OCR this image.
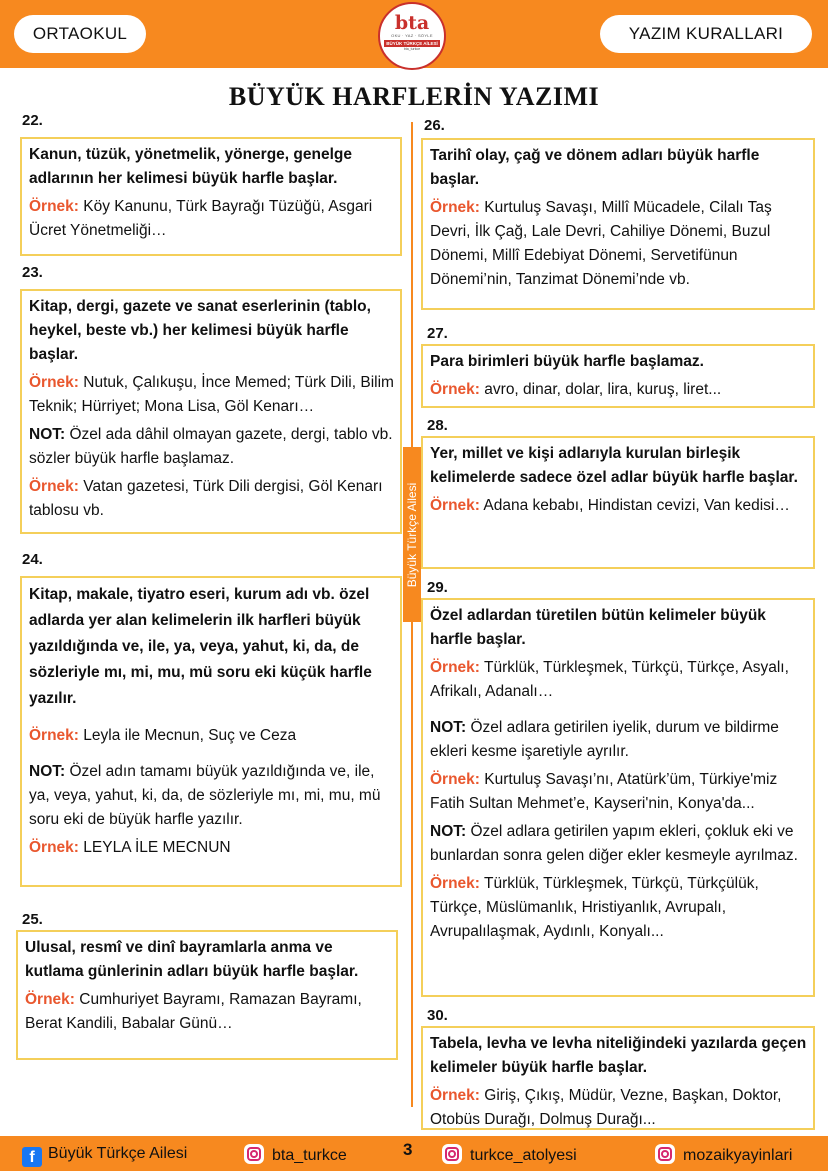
ORTAOKUL	bta
OKU · YAZ · SÖYLE
BÜYÜK TÜRKÇE AİLESİ
bta_turkce
YAZIM KURALLARI
BÜYÜK HARFLERİN YAZIMI
Büyük Türkçe Ailesi
22.

Kanun, tüzük, yönetmelik, yönerge, genelge adlarının her kelimesi büyük harfle başlar.

Örnek: Köy Kanunu, Türk Bayrağı Tüzüğü, Asgari Ücret Yönetmeliği…

23.

Kitap, dergi, gazete ve sanat eserlerinin (tablo, heykel, beste vb.) her kelimesi büyük harfle başlar.

Örnek: Nutuk, Çalıkuşu, İnce Memed; Türk Dili, Bilim Teknik; Hürriyet; Mona Lisa, Göl Kenarı…

NOT: Özel ada dâhil olmayan gazete, dergi, tablo vb. sözler büyük harfle başlamaz.

Örnek: Vatan gazetesi, Türk Dili dergisi, Göl Kenarı tablosu vb.

24.

Kitap, makale, tiyatro eseri, kurum adı vb. özel adlarda yer alan kelimelerin ilk harfleri büyük yazıldığında ve, ile, ya, veya, yahut, ki, da, de sözleriyle mı, mi, mu, mü soru eki küçük harfle yazılır.

Örnek: Leyla ile Mecnun, Suç ve Ceza

NOT: Özel adın tamamı büyük yazıldığında ve, ile, ya, veya, yahut, ki, da, de sözleriyle mı, mi, mu, mü soru eki de büyük harfle yazılır.

Örnek: LEYLA İLE MECNUN

25.

Ulusal, resmî ve dinî bayramlarla anma ve kutlama günlerinin adları büyük harfle başlar.

Örnek: Cumhuriyet Bayramı, Ramazan Bayramı, Berat Kandili, Babalar Günü…

26.

Tarihî olay, çağ ve dönem adları büyük harfle başlar.

Örnek: Kurtuluş Savaşı, Millî Mücadele, Cilalı Taş Devri, İlk Çağ, Lale Devri, Cahiliye Dönemi, Buzul Dönemi, Millî Edebiyat Dönemi, Servetifünun Dönemi’nin, Tanzimat Dönemi’nde vb.

27.

Para birimleri büyük harfle başlamaz.

Örnek: avro, dinar, dolar, lira, kuruş, liret...

28.

Yer, millet ve kişi adlarıyla kurulan birleşik kelimelerde sadece özel adlar büyük harfle başlar.

Örnek: Adana kebabı, Hindistan cevizi, Van kedisi…

29.

Özel adlardan türetilen bütün kelimeler büyük harfle başlar.

Örnek: Türklük, Türkleşmek, Türkçü, Türkçe, Asyalı, Afrikalı, Adanalı…

NOT: Özel adlara getirilen iyelik, durum ve bildirme ekleri kesme işaretiyle ayrılır.

Örnek: Kurtuluş Savaşı’nı, Atatürk’üm, Türkiye'miz Fatih Sultan Mehmet’e, Kayseri'nin, Konya'da...

NOT: Özel adlara getirilen yapım ekleri, çokluk eki ve bunlardan sonra gelen diğer ekler kesmeyle ayrılmaz.

Örnek: Türklük, Türkleşmek, Türkçü, Türkçülük, Türkçe, Müslümanlık, Hristiyanlık, Avrupalı, Avrupalılaşmak, Aydınlı, Konyalı...

30.

Tabela, levha ve levha niteliğindeki yazılarda geçen kelimeler büyük harfle başlar.

Örnek: Giriş, Çıkış, Müdür, Vezne, Başkan, Doktor, Otobüs Durağı, Dolmuş Durağı...

f Büyük Türkçe Ailesi	bta_turkce	turkce_atolyesi	mozaikyayinlari
3
